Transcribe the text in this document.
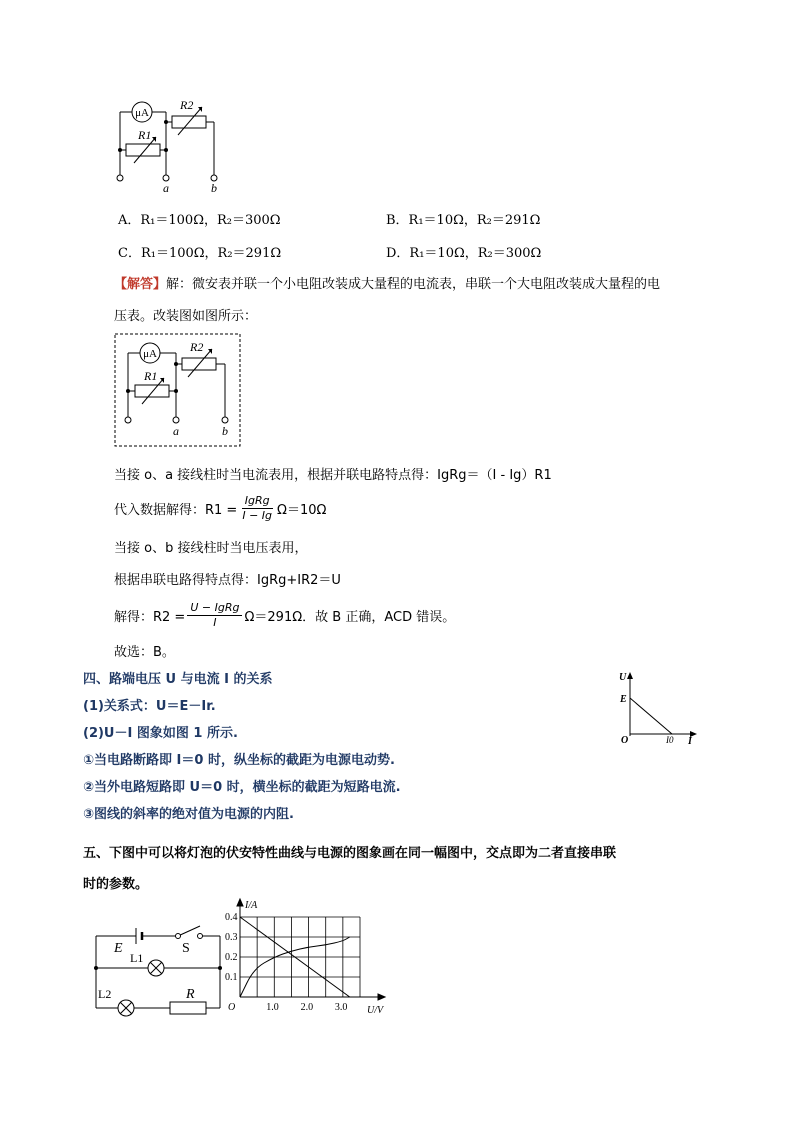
μA
R1
R2
a	b
A．R₁＝100Ω，R₂＝300Ω	B．R₁＝10Ω，R₂＝291Ω
C．R₁＝100Ω，R₂＝291Ω	D．R₁＝10Ω，R₂＝300Ω
【解答】解：微安表并联一个小电阻改装成大量程的电流表，串联一个大电阻改装成大量程的电
压表。改装图如图所示：
μA
R1
R2
a	b
当接 o、a 接线柱时当电流表用，根据并联电路特点得：IgRg＝（I - Ig）R1
代入数据解得：$R1 = \frac{\text{IgRg}}{I - Ig} \Omega=10\Omega$
当接 o、b 接线柱时当电压表用，
根据串联电路得特点得：IgRg+IR2＝U
解得：$R2 = \frac{\text{U − IgRg}}{I} \Omega=291\Omega$．故 B 正确，ACD 错误。
故选：B。
四、路端电压 U 与电流 I 的关系
(1)关系式：U＝E－Ir.
(2)U－I 图象如图 1 所示.
①当电路断路即 I＝0 时，纵坐标的截距为电源电动势.
②当外电路短路即 U＝0 时，横坐标的截距为短路电流.
③图线的斜率的绝对值为电源的内阻.
U
E
O	I0 I
五、下图中可以将灯泡的伏安特性曲线与电源的图象画在同一幅图中，交点即为二者直接串联
时的参数。
E	S
L1
L2	R
0.1
0.2
0.3
0.4
1.0 2.0 3.0
O
I/A
U/V
